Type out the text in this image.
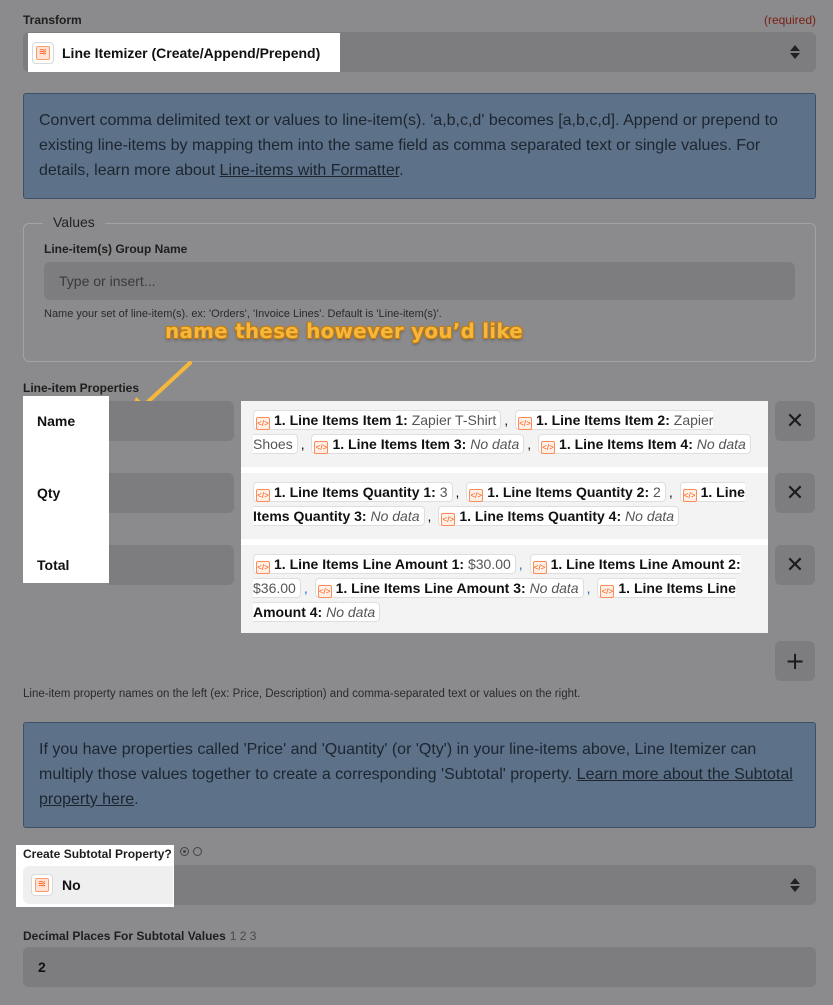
Transform	(required)
≋ Line Itemizer (Create/Append/Prepend)
Convert comma delimited text or values to line-item(s). 'a,b,c,d' becomes [a,b,c,d]. Append or prepend to existing line-items by mapping them into the same field as comma separated text or single values. For details, learn more about Line-items with Formatter.
Values
Line-item(s) Group Name
Type or insert...
Name your set of line-item(s). ex: 'Orders', 'Invoice Lines'. Default is 'Line-item(s)'.
name these however you’d like
Line-item Properties
Name
Qty
Total
</> 1. Line Items Item 1: Zapier T-Shirt , </> 1. Line Items Item 2: Zapier Shoes , </> 1. Line Items Item 3: No data , </> 1. Line Items Item 4: No data
</> 1. Line Items Quantity 1: 3 , </> 1. Line Items Quantity 2: 2 , </> 1. Line Items Quantity 3: No data , </> 1. Line Items Quantity 4: No data
</> 1. Line Items Line Amount 1: $30.00 , </> 1. Line Items Line Amount 2: $36.00 , </> 1. Line Items Line Amount 3: No data , </> 1. Line Items Line Amount 4: No data
✕
✕
✕
+
Line-item property names on the left (ex: Price, Description) and comma-separated text or values on the right.
If you have properties called 'Price' and 'Quantity' (or 'Qty') in your line-items above, Line Itemizer can multiply those values together to create a corresponding 'Subtotal' property. Learn more about the Subtotal property here.
Create Subtotal Property?
≋ No
Decimal Places For Subtotal Values 1 2 3
2
